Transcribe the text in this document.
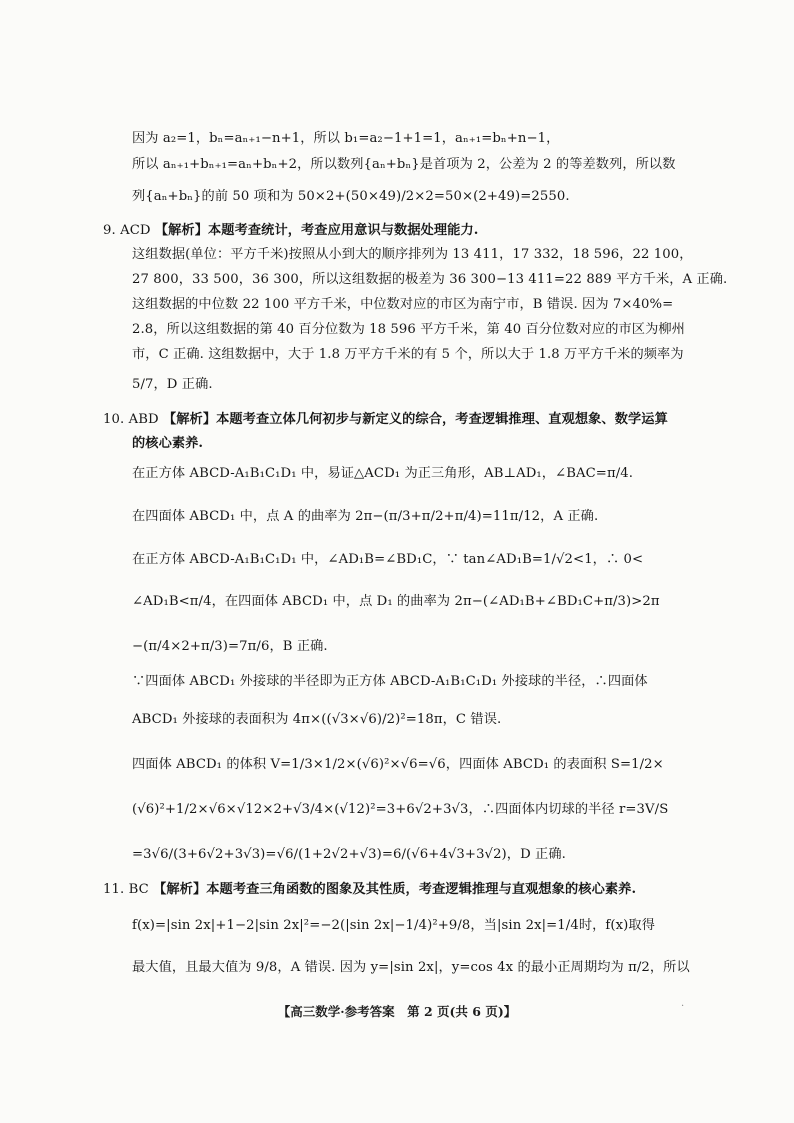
因为 a₂=1，bₙ=aₙ₊₁−n+1，所以 b₁=a₂−1+1=1，aₙ₊₁=bₙ+n−1，
所以 aₙ₊₁+bₙ₊₁=aₙ+bₙ+2，所以数列{aₙ+bₙ}是首项为 2，公差为 2 的等差数列，所以数
列{aₙ+bₙ}的前 50 项和为 50×2+(50×49)/2×2=50×(2+49)=2550.
9. ACD 【解析】本题考查统计，考查应用意识与数据处理能力.
这组数据(单位：平方千米)按照从小到大的顺序排列为 13 411，17 332，18 596，22 100，
27 800，33 500，36 300，所以这组数据的极差为 36 300−13 411=22 889 平方千米，A 正确.
这组数据的中位数 22 100 平方千米，中位数对应的市区为南宁市，B 错误. 因为 7×40%=
2.8，所以这组数据的第 40 百分位数为 18 596 平方千米，第 40 百分位数对应的市区为柳州
市，C 正确. 这组数据中，大于 1.8 万平方千米的有 5 个，所以大于 1.8 万平方千米的频率为
5/7，D 正确.
10. ABD 【解析】本题考查立体几何初步与新定义的综合，考查逻辑推理、直观想象、数学运算
的核心素养.
在正方体 ABCD-A₁B₁C₁D₁ 中，易证△ACD₁ 为正三角形，AB⊥AD₁，∠BAC=π/4.
在四面体 ABCD₁ 中，点 A 的曲率为 2π−(π/3+π/2+π/4)=11π/12，A 正确.
在正方体 ABCD-A₁B₁C₁D₁ 中，∠AD₁B=∠BD₁C，∵ tan∠AD₁B=1/√2<1，∴ 0<
∠AD₁B<π/4，在四面体 ABCD₁ 中，点 D₁ 的曲率为 2π−(∠AD₁B+∠BD₁C+π/3)>2π
−(π/4×2+π/3)=7π/6，B 正确.
∵四面体 ABCD₁ 外接球的半径即为正方体 ABCD-A₁B₁C₁D₁ 外接球的半径，∴四面体
ABCD₁ 外接球的表面积为 4π×((√3×√6)/2)²=18π，C 错误.
四面体 ABCD₁ 的体积 V=1/3×1/2×(√6)²×√6=√6，四面体 ABCD₁ 的表面积 S=1/2×
(√6)²+1/2×√6×√12×2+√3/4×(√12)²=3+6√2+3√3，∴四面体内切球的半径 r=3V/S
=3√6/(3+6√2+3√3)=√6/(1+2√2+√3)=6/(√6+4√3+3√2)，D 正确.
11. BC 【解析】本题考查三角函数的图象及其性质，考查逻辑推理与直观想象的核心素养.
f(x)=|sin 2x|+1−2|sin 2x|²=−2(|sin 2x|−1/4)²+9/8，当|sin 2x|=1/4时，f(x)取得
最大值，且最大值为 9/8，A 错误. 因为 y=|sin 2x|，y=cos 4x 的最小正周期均为 π/2，所以
【高三数学·参考答案　第 2 页(共 6 页)】
.
